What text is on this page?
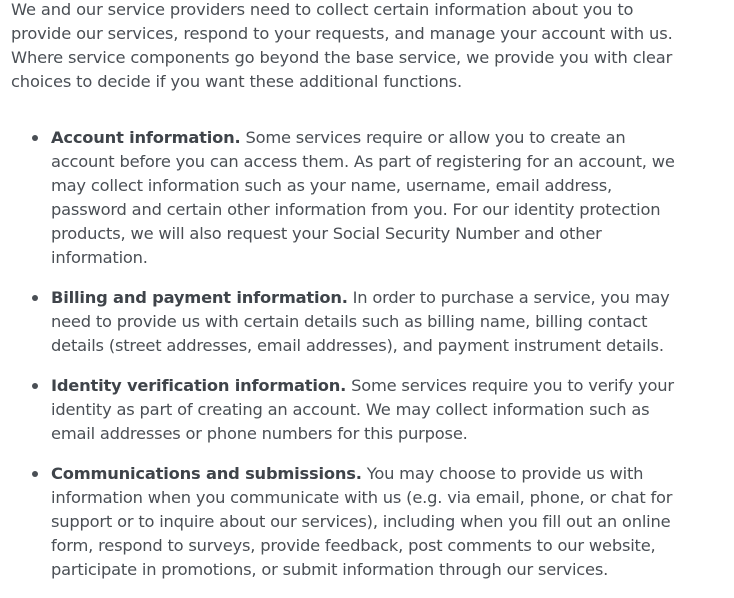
We and our service providers need to collect certain information about you to provide our services, respond to your requests, and manage your account with us. Where service components go beyond the base service, we provide you with clear choices to decide if you want these additional functions.

Account information. Some services require or allow you to create an account before you can access them. As part of registering for an account, we may collect information such as your name, username, email address, password and certain other information from you. For our identity protection products, we will also request your Social Security Number and other information.
Billing and payment information. In order to purchase a service, you may need to provide us with certain details such as billing name, billing contact details (street addresses, email addresses), and payment instrument details.
Identity verification information. Some services require you to verify your identity as part of creating an account. We may collect information such as email addresses or phone numbers for this purpose.
Communications and submissions. You may choose to provide us with information when you communicate with us (e.g. via email, phone, or chat for support or to inquire about our services), including when you fill out an online form, respond to surveys, provide feedback, post comments to our website, participate in promotions, or submit information through our services.
